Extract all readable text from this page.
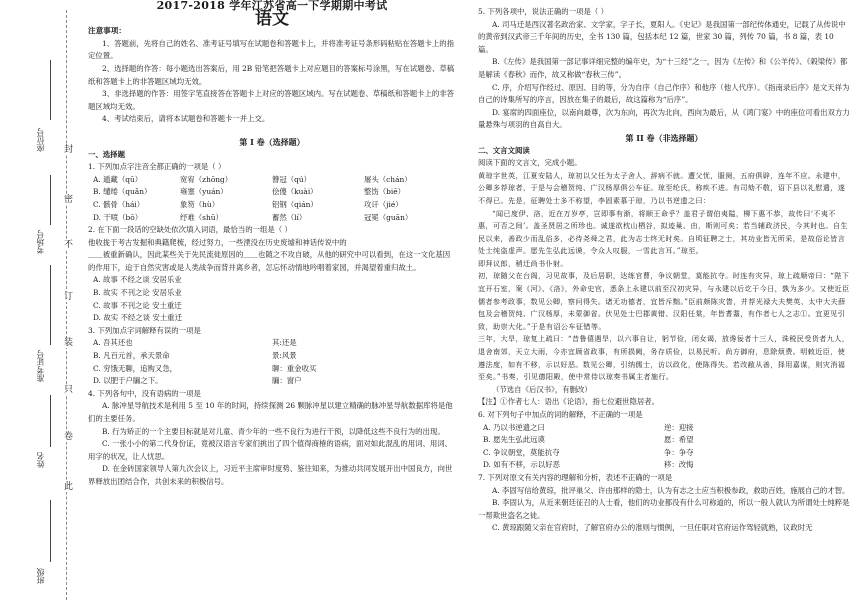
封
密
不
订
装
只
卷
此
座位号
考场号
准考证号
姓名
班级
2017-2018 学年江苏省高一下学期期中考试
语文
注意事项：

1、答题前，先将自己的姓名、准考证号填写在试题卷和答题卡上，并将准考证号条形码粘贴在答题卡上的指定位置。

2、选择题的作答：每小题选出答案后，用 2B 铅笔把答题卡上对应题目的答案标号涂黑，写在试题卷、草稿纸和答题卡上的非答题区域均无效。

3、非选择题的作答：用签字笔直接答在答题卡上对应的答题区域内。写在试题卷、草稿纸和答题卡上的非答题区域均无效。

4、考试结束后，请将本试题卷和答题卡一并上交。

第 I 卷（选择题）
一、选择题

1. 下列加点字注音全都正确的一项是（ ）

A. 遁藏（qū）	宽宥（zhōng）	簪冠（qú）	屠头（chán）
B. 缱绻（quǎn）	雍塞（yuán）	侩傻（kuài）	整饬（biē）
C. 骸骨（hái）	象笏（hù）	铝钢（qián）	攻讦（jié）
D. 干喷（bō）	纾难（shū）	蓄然（lí）	冠冕（guān）

2. 在下面一段话的空缺处依次填入词语，最恰当的一组是（ ）

他收拢于考古发掘和典籍爬梳，经过努力，一些湮没在历史废墟和神话传说中的

＿＿被重新确认，因此某些关于先民流徙原因的＿＿也随之不攻自破，从他的研究中可以看到，在这一文化基因的作用下，迨于自然灾害或是人类战争而背井离乡者，怎忘怀动情地吟唱着家园，并渴望着重归故土。

A. 故事 不经之谈 安居乐业

B. 故实 不刊之论 安居乐业

C. 故事 不刊之论 安土重迁

D. 故实 不经之谈 安土重迁

3. 下列加点字词解释有误的一项是

A. 吾其还也	其:还是
B. 凡百元首，承天景命	景:风景
C. 穷饿无聊，追购又急，	聊：重金收买
D. 以肥于户牖之下。	牖：窗户

4. 下列各句中，没有语病的一项是

A. 脉冲星导航技术是利用 5 至 10 年的时间，持续探测 26 颗脉冲星以建立精确的脉冲星导航数据库将是他们的主要任务。

B. 行为矫正的一个主要目标就是对儿童、青少年的一些不良行为进行干预，以降低这些不良行为的出现。

C. 一张小小的第二代身份证，竟被汉语言专家们挑出了四个值得商榷的语病，面对如此混乱的用词、用词、用字的状况，让人忧思。

D. 在金砖国家领导人第九次会议上，习近平主席审时度势、鉴往知来，为推动共同发展开出中国良方，向世界释放出团结合作，共创未来的积极信号。

5. 下列各项中，说法正确的一项是（ ）

A. 司马迁是西汉著名政治家、文学家，字子长，夏阳人。《史记》是我国第一部纪传体通史，记载了从传说中的黄帝到汉武帝三千年间的历史，全书 130 篇，包括本纪 12 篇，世家 30 篇，列传 70 篇，书 8 篇，表 10 篇。

B.《左传》是我国第一部记事详细完整的编年史，为“十三经”之一，因为《左传》和《公羊传》、《榖梁传》都是解读《春秋》而作，故又称做“春秋三传”。

C. 序，介绍写作经过、原因、目的等，分为自序（自己作序）和他序（他人代序）。《指南录后序》是文天祥为自己的诗集所写的序言，因放在集子的最后，故这篇称为“后序”。

D. 宴席的四面座位，以南向最尊，次为东向，再次为北向，西向为最后，从《鸿门宴》中的座位可看出双方力量悬殊与项羽的自高自大。

第 II 卷（非选择题）
二、文言文阅读

阅读下面的文言文，完成小题。

黄琼字世英，江夏安陆人，琼初以父任为太子舍人，辞病不就。遭父忧，服阕，五府俱辟，连年不应。永建中，公卿多荐琼者，于是与会稽贺纯、广汉杨厚俱公车征。琼至纶氏，称疾不进。有司劾不敬，诏下县以礼慰遣，遂不得已。先是，征聘处士多不称望，李固素慕于琼，乃以书逆遗之曰：

“闻已度伊、洛，近在万岁亭，岂即事有渐，将顺王命乎？盖君子谓伯夷隘，柳下惠不恭，故传曰‘不夷不惠，可否之间’。盖圣贤居之所珍也。诚遂欲枕山栖谷，拟迹巢、由，斯则可矣；若当辅政济民，今其时也。自生民以来，善政少而乱俗多，必待尧舜之君，此为志士终无时矣。自顷征聘之士，其功业皆无所采，是故俗论皆言处士纯盗虚声。愿先生弘此远谟，令众人叹服，一雪此言耳。”琼至。

即拜议郎，稍迁尚书仆射。

初，琼随父在台阁，习见故事，及后居职，达练官曹，争议朝堂，莫能抗夺。时连有灾异，琼上疏顺帝曰：“陛下宜开石室，案《河》、《洛》，外命史官，悉条上永建以前至汉初灾异，与永建以后讫于今日，孰为多少。又使近臣儒者参考政事，数见公卿，察问得失。诸无功德者，宜皆斥黜。”臣前颇陈灾眚，并荐光禄大夫樊英、太中大夫薛包及会稽贺纯、广汉杨厚，未蒙御省。伏见处士巴郡黄错、汉阳任棠，年皆耆耋，有作者七人之志①。宜更见引致，助崇大化。”于是有诏公车征错等。

三年，大旱，琼复上疏曰：“昔鲁僖遇旱，以六事自让，躬节俭，闭女谒，放谗佞者十三人，诛税民受货者九人，退舍南郊，天立大雨，今亦宜顾省政事，有所损阙，务存质俭，以易民听。尚方御府，息除烦费。明敕近臣，使遵法度，如有不移，示以好恶。数见公卿，引纳儒士，访以政化，使陈得失。若改敝从善，择用嘉谋，则灾消福至矣。”书奏，引见德阳殿，使中常侍以琼奏书属主者施行。

（节选自《后汉书》，有删改）

【注】①作者七人：语出《论语》，指七位避世隐居者。

6. 对下列句子中加点的词的解释，不正确的一项是

A. 乃以书逆遗之曰	逆：迎接
B. 愿先生弘此远谟	愿：希望
C. 争议朝堂，莫能抗夺	争：争夺
D. 如有不移，示以好恶	移：改悔

7. 下列对原文有关内容的理解和分析，表述不正确的一项是

A. 李固写信给黄琼，批评巢父、许由那样的隐士，认为有志之士应当积极参政，救助百姓，施展自己的才智。

B. 李固认为，从近来朝廷征召的人士看，他们的功业都没有什么可称道的，所以一般人就认为所谓处士纯粹是一帮欺世盗名之徒。

C. 黄琼跟随父亲在官府时，了解官府办公的准则与惯例，一旦任职对官府运作驾轻就熟，议政时无
